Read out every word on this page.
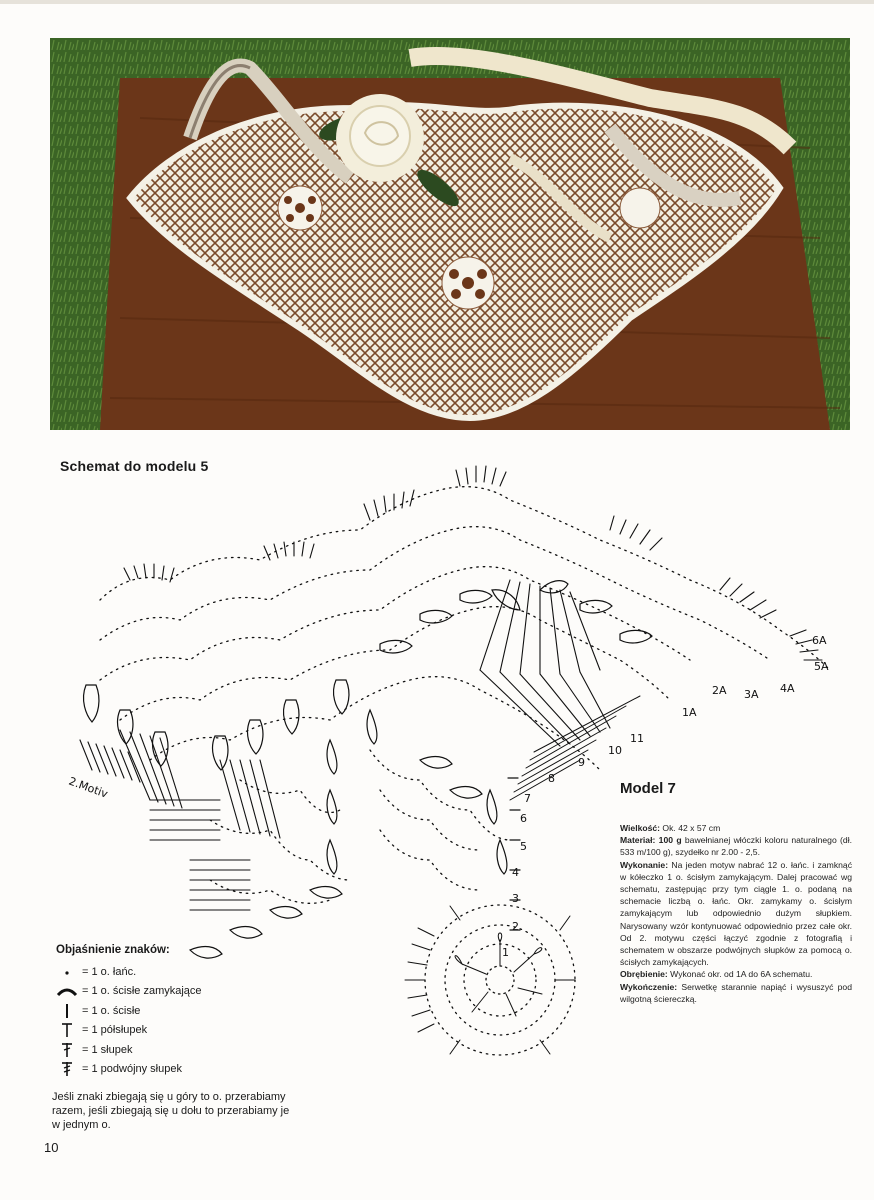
Schemat do modelu 5
6A
5A
4A
3A
2A
1A
11
10
9
8
7
6
5
4
3
2
1
2.Motiv	Model 7

Wielkość: Ok. 42 x 57 cm

Materiał: 100 g bawełnianej włóczki koloru naturalnego (dł. 533 m/100 g), szydełko nr 2.00 - 2,5.

Wykonanie: Na jeden motyw nabrać 12 o. łańc. i zamknąć w kółeczko 1 o. ścisłym zamykającym. Dalej pracować wg schematu, zastępując przy tym ciągle 1. o. podaną na schemacie liczbą o. łańc. Okr. zamykamy o. ścisłym zamykającym lub odpowiednio dużym słupkiem. Narysowany wzór kontynuować odpowiednio przez całe okr. Od 2. motywu części łączyć zgodnie z fotografią i schematem w obszarze podwójnych słupków za pomocą o. ścisłych zamykających.

Obrębienie: Wykonać okr. od 1A do 6A schematu.

Wykończenie: Serwetkę starannie napiąć i wysuszyć pod wilgotną ściereczką.

Objaśnienie znaków:
= 1 o. łańc.
= 1 o. ścisłe zamykające
= 1 o. ścisłe
= 1 półsłupek
= 1 słupek
= 1 podwójny słupek
Jeśli znaki zbiegają się u góry to o. przerabiamy razem, jeśli zbiegają się u dołu to przerabiamy je w jednym o.
10
